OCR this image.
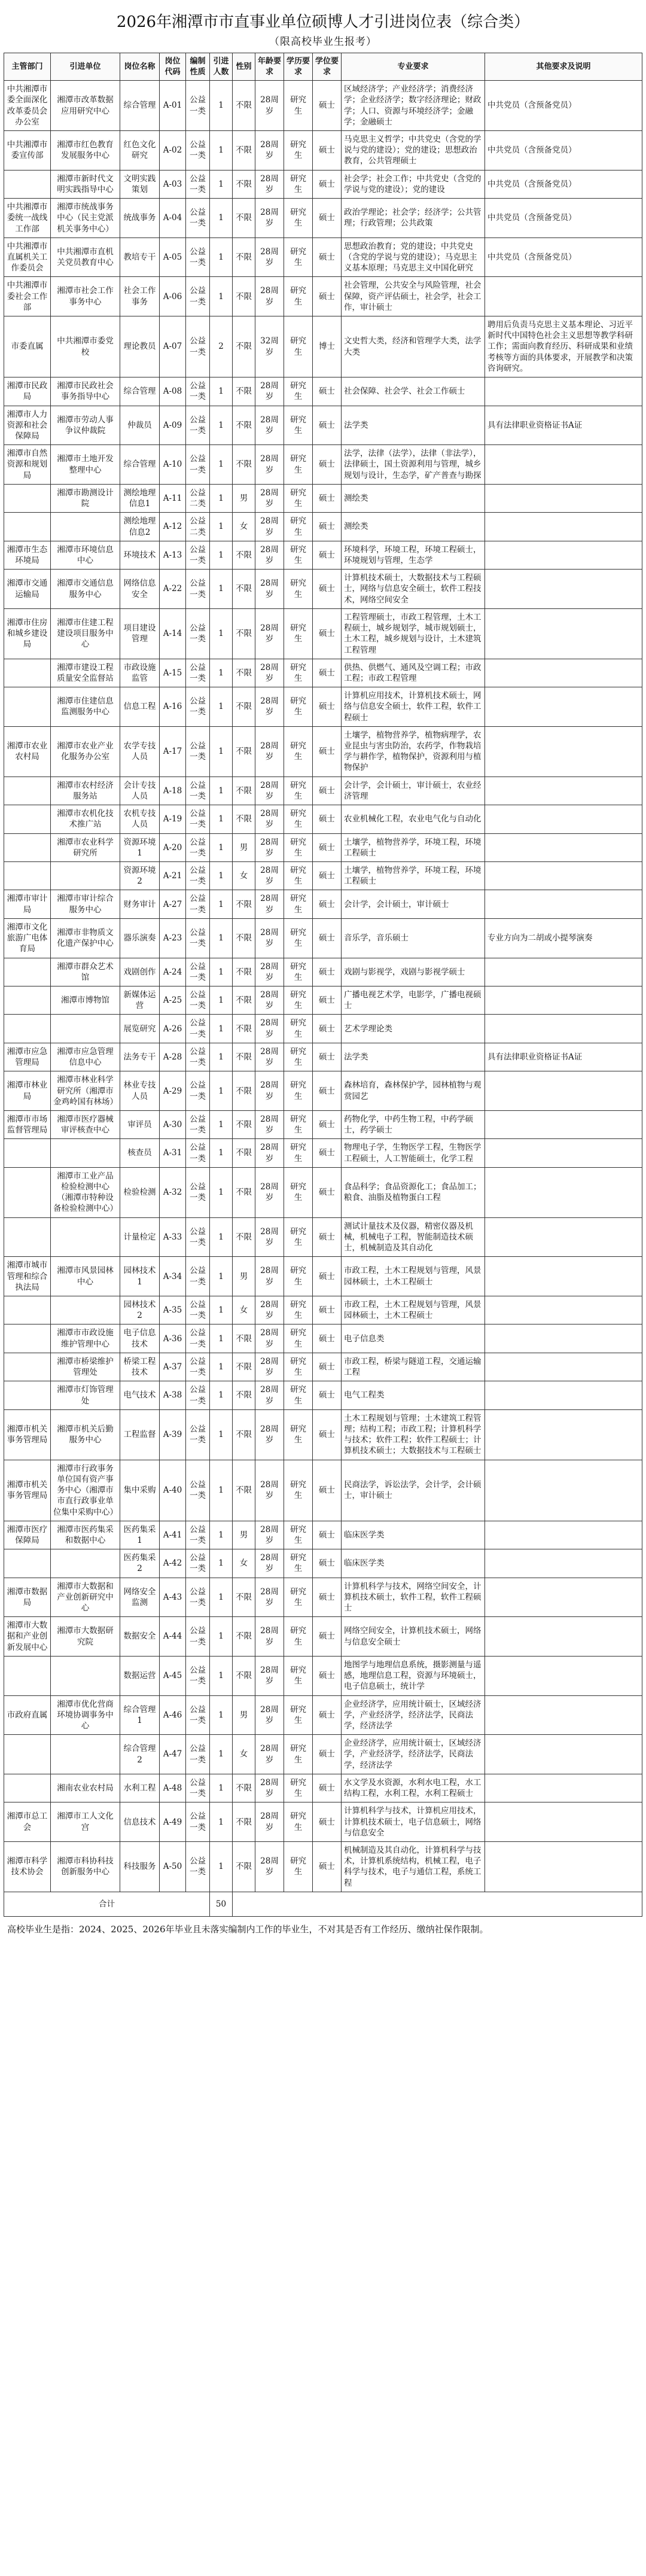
2026年湘潭市市直事业单位硕博人才引进岗位表（综合类）
（限高校毕业生报考）
主管部门	引进单位	岗位名称	岗位代码	编制性质	引进人数	性别	年龄要求	学历要求	学位要求	专业要求	其他要求及说明
中共湘潭市委全面深化改革委员会办公室	湘潭市改革数据应用研究中心	综合管理	A-01	公益一类	1	不限	28周岁	研究生	硕士	区域经济学；产业经济学；消费经济学；企业经济学；数字经济理论；财政学；人口、资源与环境经济学；金融学；金融硕士	中共党员（含预备党员）
中共湘潭市委宣传部	湘潭市红色教育发展服务中心	红色文化研究	A-02	公益一类	1	不限	28周岁	研究生	硕士	马克思主义哲学；中共党史（含党的学说与党的建设）；党的建设；思想政治教育，公共管理硕士	中共党员（含预备党员）
	湘潭市新时代文明实践指导中心	文明实践策划	A-03	公益一类	1	不限	28周岁	研究生	硕士	社会学；社会工作；中共党史（含党的学说与党的建设）；党的建设	中共党员（含预备党员）
中共湘潭市委统一战线工作部	湘潭市统战事务中心（民主党派机关事务中心）	统战事务	A-04	公益一类	1	不限	28周岁	研究生	硕士	政治学理论；社会学；经济学；公共管理；行政管理；公共政策	中共党员（含预备党员）
中共湘潭市直属机关工作委员会	中共湘潭市直机关党员教育中心	教培专干	A-05	公益一类	1	不限	28周岁	研究生	硕士	思想政治教育；党的建设；中共党史（含党的学说与党的建设）；马克思主义基本原理；马克思主义中国化研究	中共党员（含预备党员）
中共湘潭市委社会工作部	湘潭市社会工作事务中心	社会工作事务	A-06	公益一类	1	不限	28周岁	研究生	硕士	社会管理，公共安全与风险管理，社会保障，资产评估硕士，社会学，社会工作，审计硕士	
市委直属	中共湘潭市委党校	理论教员	A-07	公益一类	2	不限	32周岁	研究生	博士	文史哲大类，经济和管理学大类，法学大类	聘用后负责马克思主义基本理论、习近平新时代中国特色社会主义思想等教学科研工作；需面向教育经历、科研成果和业绩考核等方面的具体要求，开展教学和决策咨询研究。
湘潭市民政局	湘潭市民政社会事务指导中心	综合管理	A-08	公益一类	1	不限	28周岁	研究生	硕士	社会保障、社会学、社会工作硕士	
湘潭市人力资源和社会保障局	湘潭市劳动人事争议仲裁院	仲裁员	A-09	公益一类	1	不限	28周岁	研究生	硕士	法学类	具有法律职业资格证书A证
湘潭市自然资源和规划局	湘潭市土地开发整理中心	综合管理	A-10	公益一类	1	不限	28周岁	研究生	硕士	法学，法律（法学），法律（非法学），法律硕士，国土资源利用与管理，城乡规划与设计，生态学，矿产普查与勘探	
	湘潭市勘测设计院	测绘地理信息1	A-11	公益二类	1	男	28周岁	研究生	硕士	测绘类	
		测绘地理信息2	A-12	公益二类	1	女	28周岁	研究生	硕士	测绘类	
湘潭市生态环境局	湘潭市环境信息中心	环境技术	A-13	公益一类	1	不限	28周岁	研究生	硕士	环境科学，环境工程，环境工程硕士，环境规划与管理，生态学	
湘潭市交通运输局	湘潭市交通信息服务中心	网络信息安全	A-22	公益一类	1	不限	28周岁	研究生	硕士	计算机技术硕士，大数据技术与工程硕士，网络与信息安全硕士，软件工程技术，网络空间安全	
湘潭市住房和城乡建设局	湘潭市住建工程建设项目服务中心	项目建设管理	A-14	公益一类	1	不限	28周岁	研究生	硕士	工程管理硕士，市政工程管理，土木工程硕士，城乡规划学，城市规划硕士，土木工程，城乡规划与设计，土木建筑工程管理	
	湘潭市建设工程质量安全监督站	市政设施监管	A-15	公益一类	1	不限	28周岁	研究生	硕士	供热、供燃气、通风及空调工程；市政工程；市政工程管理	
	湘潭市住建信息监测服务中心	信息工程	A-16	公益一类	1	不限	28周岁	研究生	硕士	计算机应用技术，计算机技术硕士，网络与信息安全硕士，软件工程，软件工程硕士	
湘潭市农业农村局	湘潭市农业产业化服务办公室	农学专技人员	A-17	公益一类	1	不限	28周岁	研究生	硕士	土壤学，植物营养学，植物病理学，农业昆虫与害虫防治，农药学，作物栽培学与耕作学，植物保护，资源利用与植物保护	
	湘潭市农村经济服务站	会计专技人员	A-18	公益一类	1	不限	28周岁	研究生	硕士	会计学，会计硕士，审计硕士，农业经济管理	
	湘潭市农机化技术推广站	农机专技人员	A-19	公益一类	1	不限	28周岁	研究生	硕士	农业机械化工程，农业电气化与自动化	
	湘潭市农业科学研究所	资源环境1	A-20	公益一类	1	男	28周岁	研究生	硕士	土壤学，植物营养学，环境工程，环境工程硕士	
		资源环境2	A-21	公益一类	1	女	28周岁	研究生	硕士	土壤学，植物营养学，环境工程，环境工程硕士	
湘潭市审计局	湘潭市审计综合服务中心	财务审计	A-27	公益一类	1	不限	28周岁	研究生	硕士	会计学，会计硕士，审计硕士	
湘潭市文化旅游广电体育局	湘潭市非物质文化遗产保护中心	器乐演奏	A-23	公益一类	1	不限	28周岁	研究生	硕士	音乐学，音乐硕士	专业方向为二胡或小提琴演奏
	湘潭市群众艺术馆	戏剧创作	A-24	公益一类	1	不限	28周岁	研究生	硕士	戏剧与影视学，戏剧与影视学硕士	
	湘潭市博物馆	新媒体运营	A-25	公益一类	1	不限	28周岁	研究生	硕士	广播电视艺术学，电影学，广播电视硕士	
		展览研究	A-26	公益一类	1	不限	28周岁	研究生	硕士	艺术学理论类	
湘潭市应急管理局	湘潭市应急管理信息中心	法务专干	A-28	公益一类	1	不限	28周岁	研究生	硕士	法学类	具有法律职业资格证书A证
湘潭市林业局	湘潭市林业科学研究所（湘潭市金鸡岭国有林场）	林业专技人员	A-29	公益一类	1	不限	28周岁	研究生	硕士	森林培育，森林保护学，园林植物与观赏园艺	
湘潭市市场监督管理局	湘潭市医疗器械审评核查中心	审评员	A-30	公益一类	1	不限	28周岁	研究生	硕士	药物化学，中药生物工程，中药学硕士，药学硕士	
		核查员	A-31	公益一类	1	不限	28周岁	研究生	硕士	物理电子学，生物医学工程，生物医学工程硕士，人工智能硕士，化学工程	
	湘潭市工业产品检验检测中心（湘潭市特种设备检验检测中心）	检验检测	A-32	公益一类	1	不限	28周岁	研究生	硕士	食品科学；食品资源化工；食品加工；粮食、油脂及植物蛋白工程	
		计量检定	A-33	公益一类	1	不限	28周岁	研究生	硕士	测试计量技术及仪器，精密仪器及机械，机械电子工程，智能制造技术硕士，机械制造及其自动化	
湘潭市城市管理和综合执法局	湘潭市风景园林中心	园林技术1	A-34	公益一类	1	男	28周岁	研究生	硕士	市政工程，土木工程规划与管理，风景园林硕士，土木工程硕士	
		园林技术2	A-35	公益一类	1	女	28周岁	研究生	硕士	市政工程，土木工程规划与管理，风景园林硕士，土木工程硕士	
	湘潭市市政设施维护管理中心	电子信息技术	A-36	公益一类	1	不限	28周岁	研究生	硕士	电子信息类	
	湘潭市桥梁维护管理处	桥梁工程技术	A-37	公益一类	1	不限	28周岁	研究生	硕士	市政工程，桥梁与隧道工程，交通运输工程	
	湘潭市灯饰管理处	电气技术	A-38	公益一类	1	不限	28周岁	研究生	硕士	电气工程类	
湘潭市机关事务管理局	湘潭市机关后勤服务中心	工程监督	A-39	公益一类	1	不限	28周岁	研究生	硕士	土木工程规划与管理；土木建筑工程管理；结构工程；市政工程；计算机科学与技术；软件工程；软件工程硕士；计算机技术硕士；大数据技术与工程硕士	
湘潭市机关事务管理局	湘潭市行政事务单位国有资产事务中心（湘潭市市直行政事业单位集中采购中心）	集中采购	A-40	公益一类	1	不限	28周岁	研究生	硕士	民商法学，诉讼法学，会计学，会计硕士，审计硕士	
湘潭市医疗保障局	湘潭市医药集采和数据中心	医药集采1	A-41	公益一类	1	男	28周岁	研究生	硕士	临床医学类	
		医药集采2	A-42	公益一类	1	女	28周岁	研究生	硕士	临床医学类	
湘潭市数据局	湘潭市大数据和产业创新研究中心	网络安全监测	A-43	公益一类	1	不限	28周岁	研究生	硕士	计算机科学与技术，网络空间安全，计算机技术硕士，软件工程，软件工程硕士	
湘潭市大数据和产业创新发展中心	湘潭市大数据研究院	数据安全	A-44	公益一类	1	不限	28周岁	研究生	硕士	网络空间安全，计算机技术硕士，网络与信息安全硕士	
		数据运营	A-45	公益一类	1	不限	28周岁	研究生	硕士	地图学与地理信息系统，摄影测量与遥感，地理信息工程，资源与环境硕士，电子信息硕士，统计学	
市政府直属	湘潭市优化营商环境协调事务中心	综合管理1	A-46	公益一类	1	男	28周岁	研究生	硕士	企业经济学，应用统计硕士，区域经济学，产业经济学，经济法学，民商法学，经济法学	
		综合管理2	A-47	公益一类	1	女	28周岁	研究生	硕士	企业经济学，应用统计硕士，区域经济学，产业经济学，经济法学，民商法学，经济法学	
	湘南农业农村局	水利工程	A-48	公益一类	1	不限	28周岁	研究生	硕士	水文学及水资源，水利水电工程，水工结构工程，水利工程，水利工程硕士	
湘潭市总工会	湘潭市工人文化宫	信息技术	A-49	公益一类	1	不限	28周岁	研究生	硕士	计算机科学与技术，计算机应用技术，计算机技术硕士，电子信息硕士，网络与信息安全	
湘潭市科学技术协会	湘潭市科协科技创新服务中心	科技服务	A-50	公益一类	1	不限	28周岁	研究生	硕士	机械制造及其自动化，计算机科学与技术，计算机系统结构，机械工程，电子科学与技术，电子与通信工程，系统工程	
合计					50						
高校毕业生是指：2024、2025、2026年毕业且未落实编制内工作的毕业生，不对其是否有工作经历、缴纳社保作限制。
